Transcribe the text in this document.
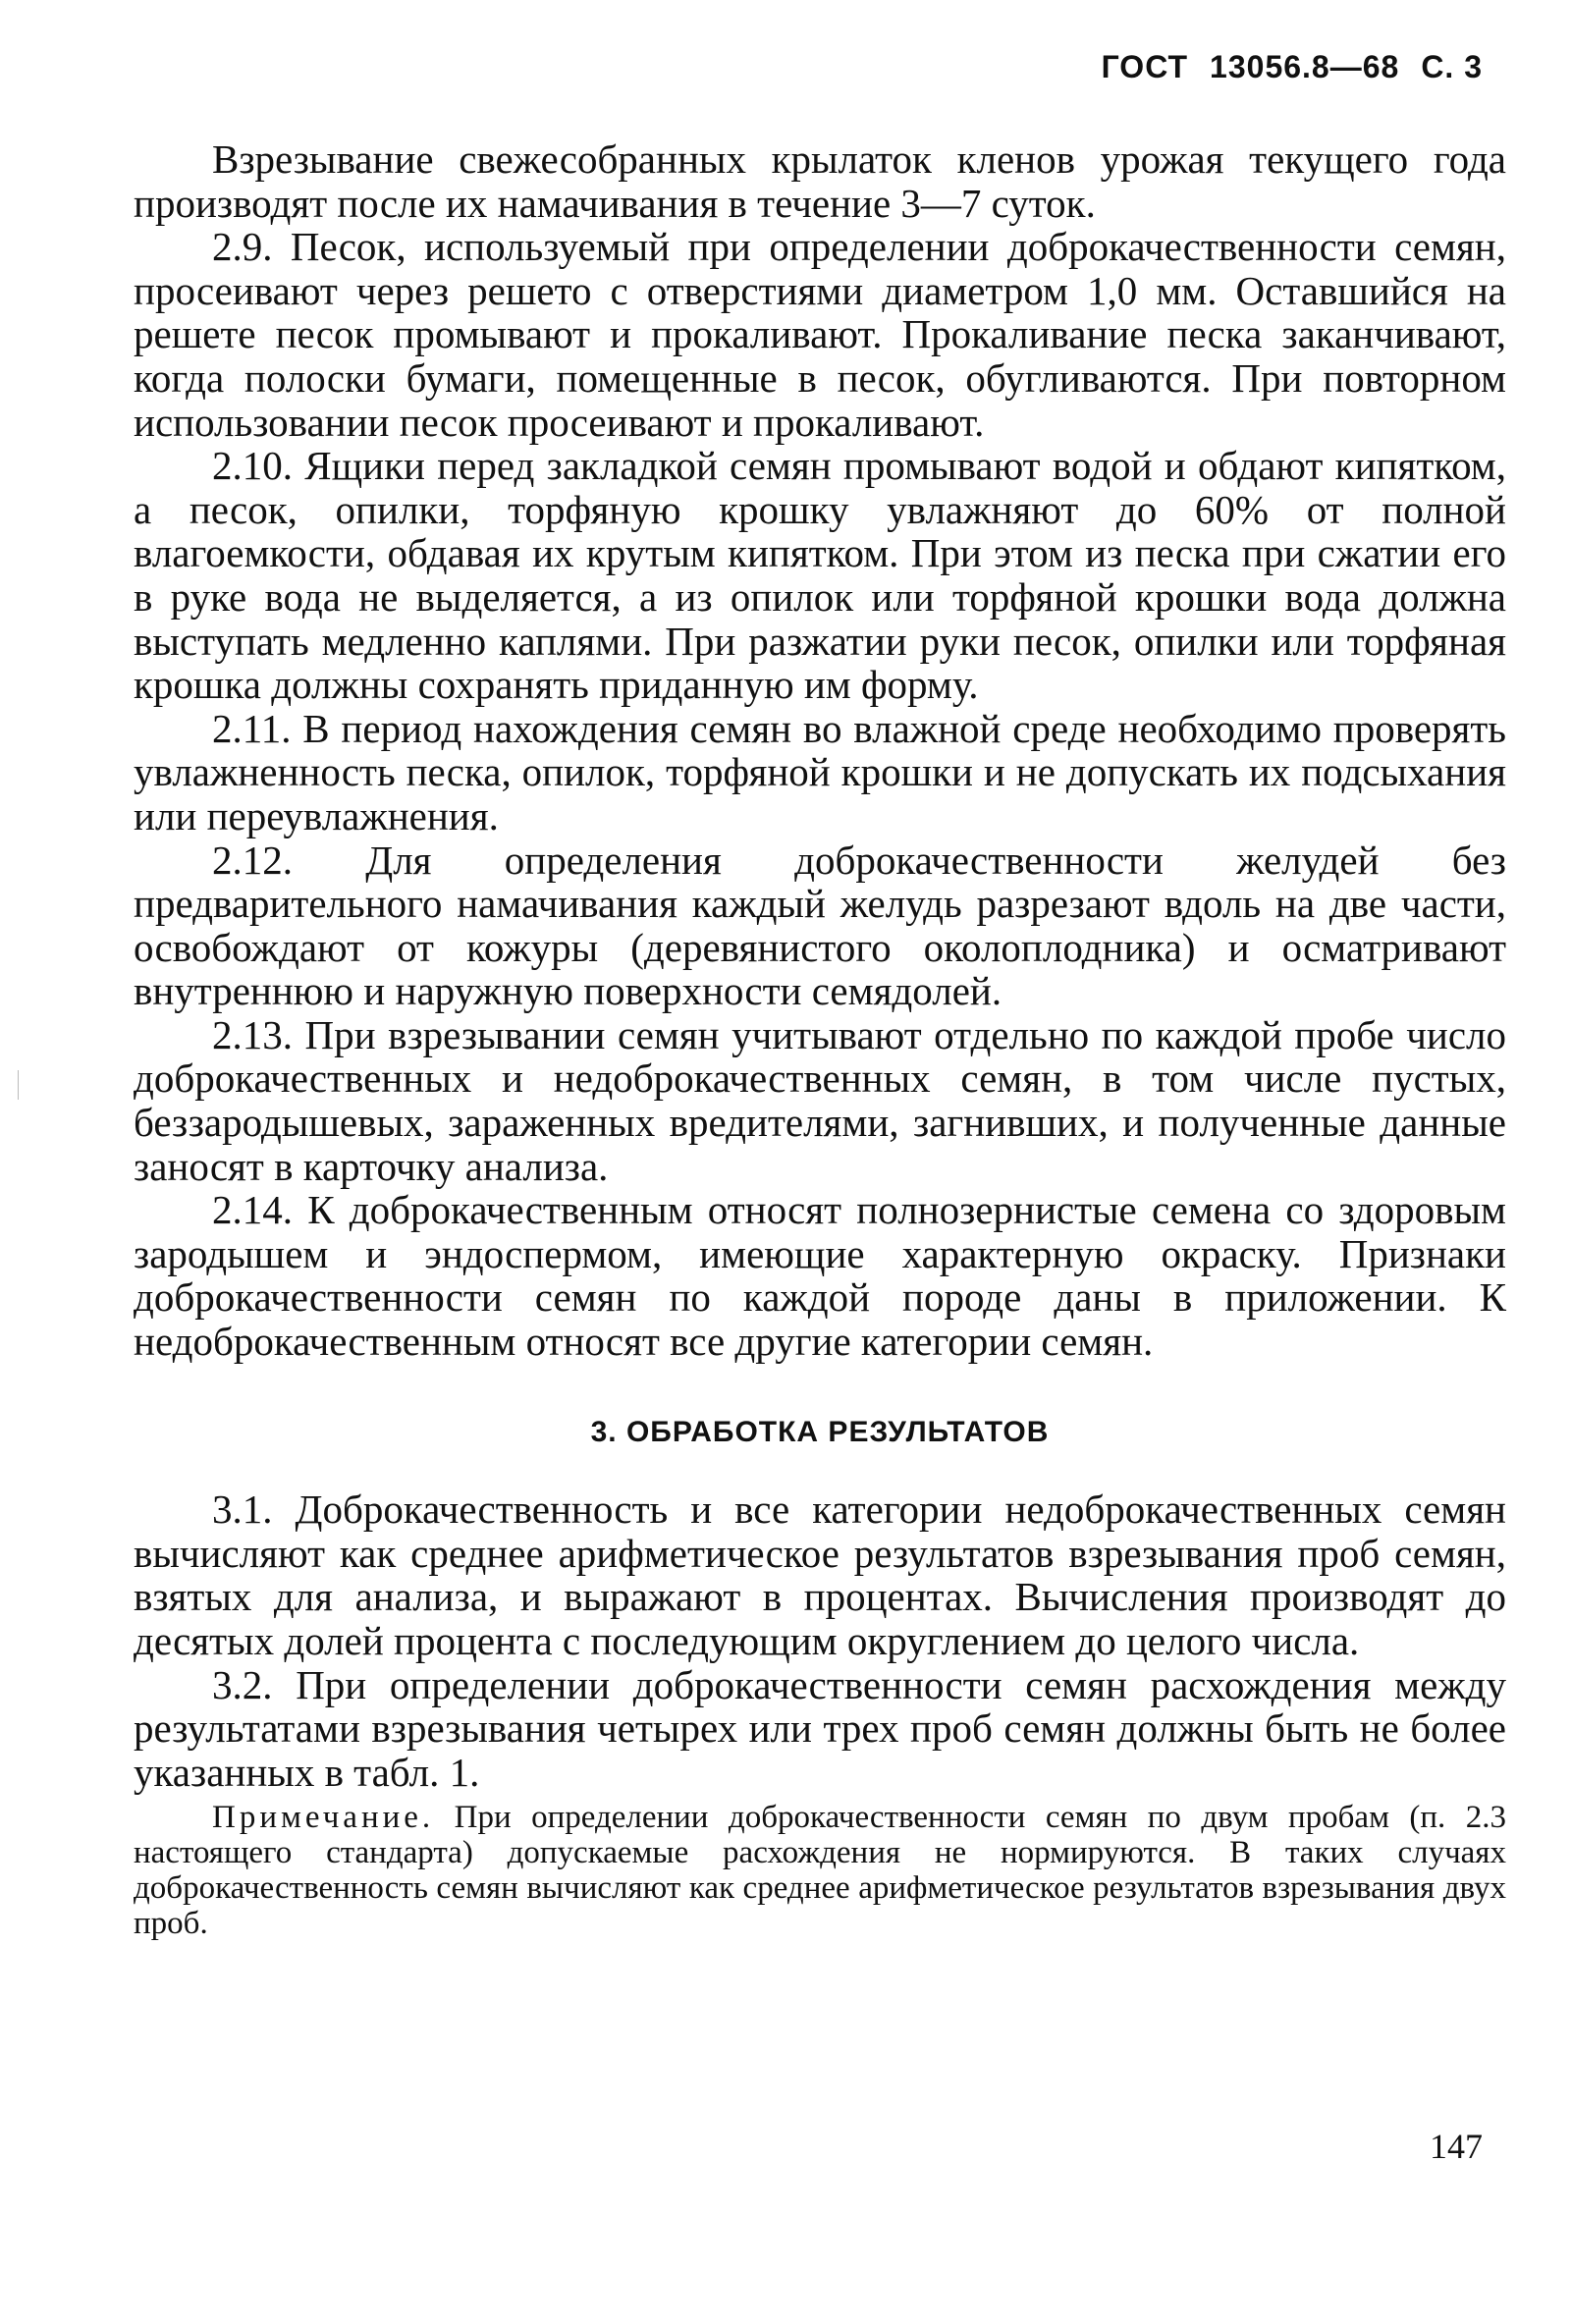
ГОСТ 13056.8—68 С. 3

Взрезывание свежесобранных крылаток кленов урожая текущего года производят после их намачивания в течение 3—7 суток.

2.9. Песок, используемый при определении доброкачественности семян, просеивают через решето с отверстиями диаметром 1,0 мм. Оставшийся на решете песок промывают и прокаливают. Прокаливание песка заканчивают, когда полоски бумаги, помещенные в песок, обугливаются. При повторном использовании песок просеивают и прокаливают.

2.10. Ящики перед закладкой семян промывают водой и обдают кипятком, а песок, опилки, торфяную крошку увлажняют до 60% от полной влагоемкости, обдавая их крутым кипятком. При этом из песка при сжатии его в руке вода не выделяется, а из опилок или торфяной крошки вода должна выступать медленно каплями. При разжатии руки песок, опилки или торфяная крошка должны сохранять приданную им форму.

2.11. В период нахождения семян во влажной среде необходимо проверять увлажненность песка, опилок, торфяной крошки и не допускать их подсыхания или переувлажнения.

2.12. Для определения доброкачественности желудей без предварительного намачивания каждый желудь разрезают вдоль на две части, освобождают от кожуры (деревянистого околоплодника) и осматривают внутреннюю и наружную поверхности семядолей.

2.13. При взрезывании семян учитывают отдельно по каждой пробе число доброкачественных и недоброкачественных семян, в том числе пустых, беззародышевых, зараженных вредителями, загнивших, и полученные данные заносят в карточку анализа.

2.14. К доброкачественным относят полнозернистые семена со здоровым зародышем и эндоспермом, имеющие характерную окраску. Признаки доброкачественности семян по каждой породе даны в приложении. К недоброкачественным относят все другие категории семян.

3. ОБРАБОТКА РЕЗУЛЬТАТОВ

3.1. Доброкачественность и все категории недоброкачественных семян вычисляют как среднее арифметическое результатов взрезывания проб семян, взятых для анализа, и выражают в процентах. Вычисления производят до десятых долей процента с последующим округлением до целого числа.

3.2. При определении доброкачественности семян расхождения между результатами взрезывания четырех или трех проб семян должны быть не более указанных в табл. 1.

Примечание. При определении доброкачественности семян по двум пробам (п. 2.3 настоящего стандарта) допускаемые расхождения не нормируются. В таких случаях доброкачественность семян вычисляют как среднее арифметическое результатов взрезывания двух проб.
147
